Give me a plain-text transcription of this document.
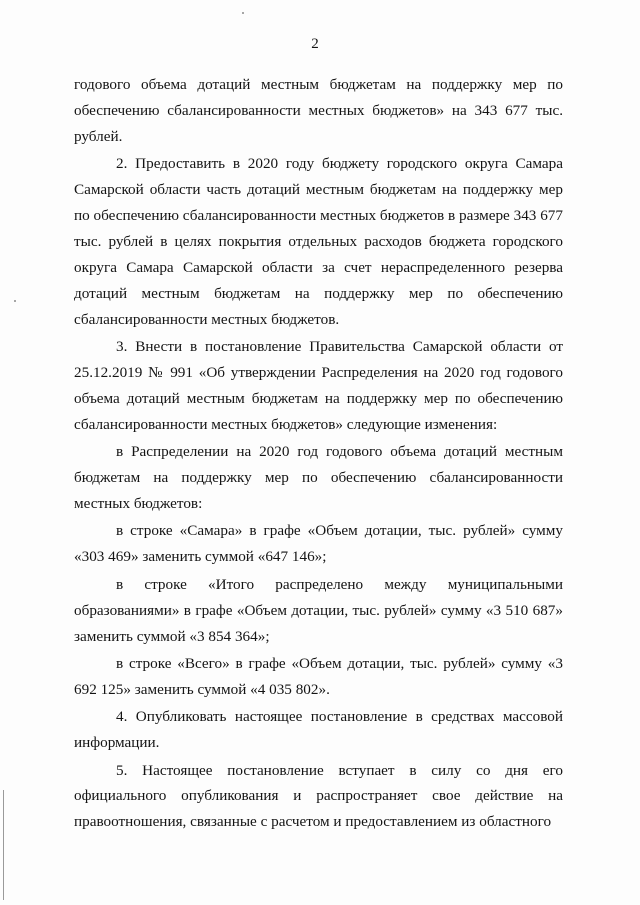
2

годового объема дотаций местным бюджетам на поддержку мер по обеспечению сбалансированности местных бюджетов» на 343 677 тыс. рублей.

2. Предоставить в 2020 году бюджету городского округа Самара Самарской области часть дотаций местным бюджетам на поддержку мер по обеспечению сбалансированности местных бюджетов в размере 343 677 тыс. рублей в целях покрытия отдельных расходов бюджета городского округа Самара Самарской области за счет нераспределенного резерва дотаций местным бюджетам на поддержку мер по обеспечению сбалансированности местных бюджетов.

3. Внести в постановление Правительства Самарской области от 25.12.2019 № 991 «Об утверждении Распределения на 2020 год годового объема дотаций местным бюджетам на поддержку мер по обеспечению сбалансированности местных бюджетов» следующие изменения:

в Распределении на 2020 год годового объема дотаций местным бюджетам на поддержку мер по обеспечению сбалансированности местных бюджетов:

в строке «Самара» в графе «Объем дотации, тыс. рублей» сумму «303 469» заменить суммой «647 146»;

в строке «Итого распределено между муниципальными образованиями» в графе «Объем дотации, тыс. рублей» сумму «3 510 687» заменить суммой «3 854 364»;

в строке «Всего» в графе «Объем дотации, тыс. рублей» сумму «3 692 125» заменить суммой «4 035 802».

4. Опубликовать настоящее постановление в средствах массовой информации.

5. Настоящее постановление вступает в силу со дня его официального опубликования и распространяет свое действие на правоотношения, связанные с расчетом и предоставлением из областного
